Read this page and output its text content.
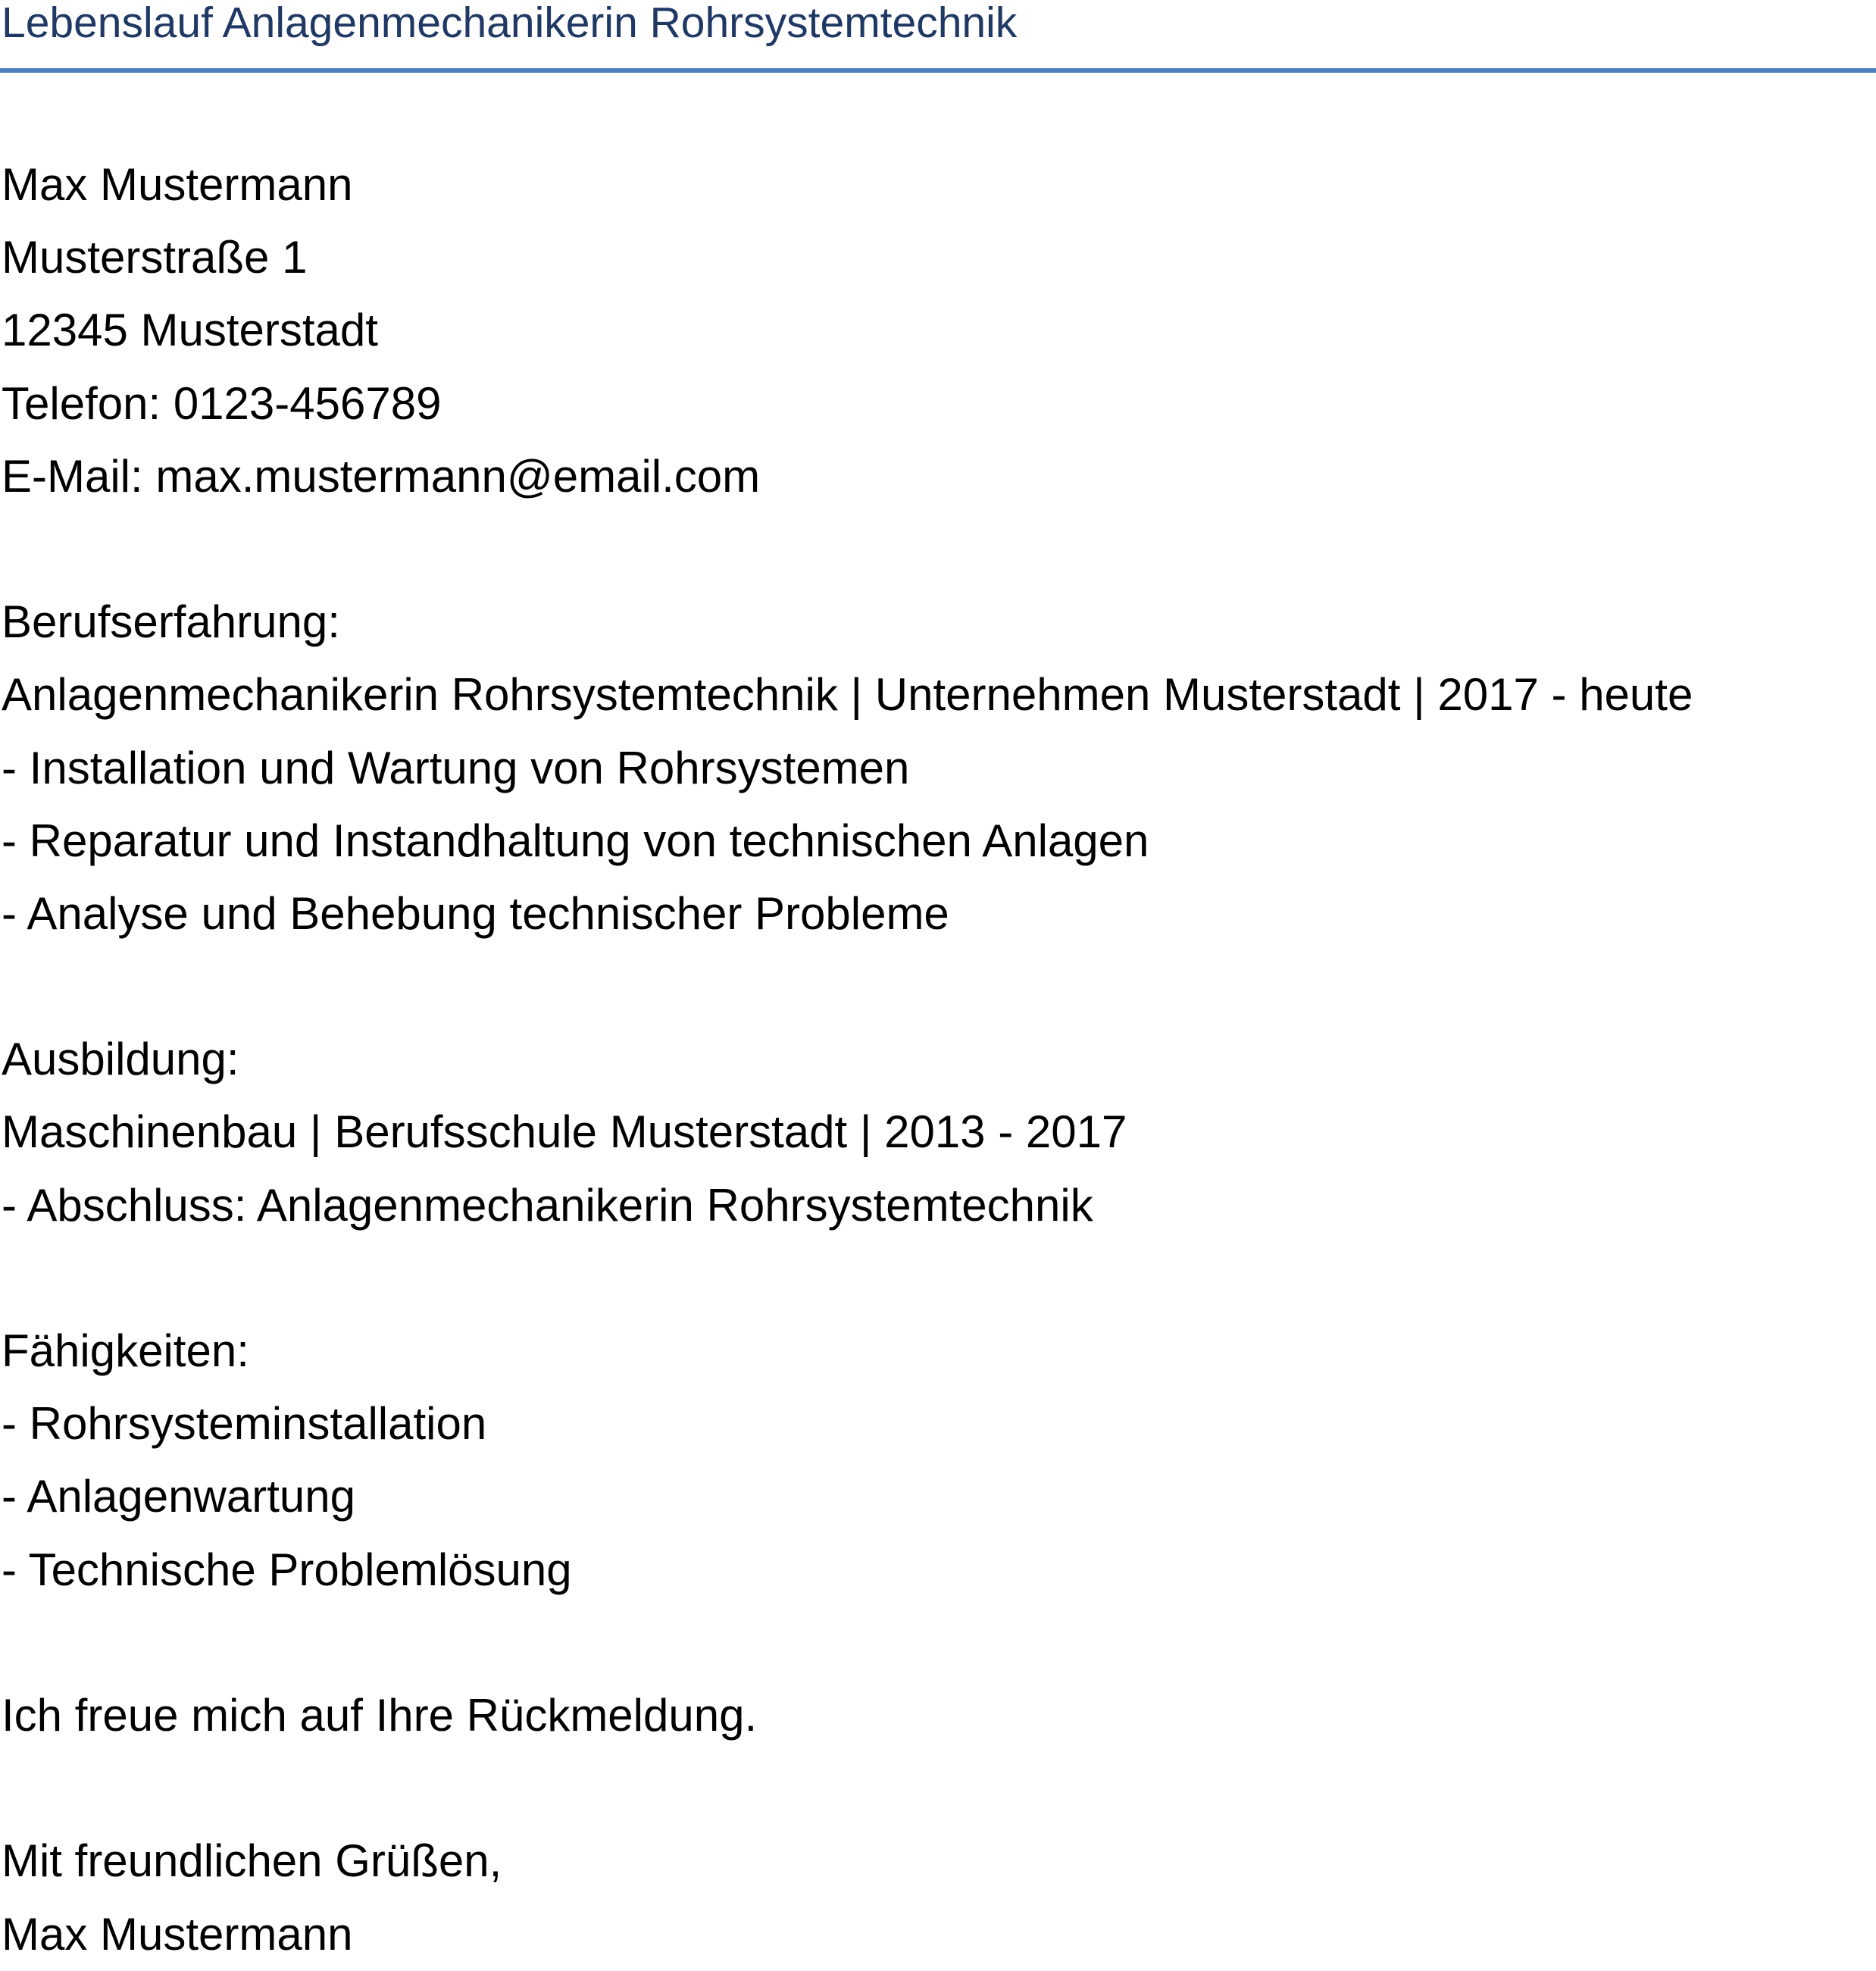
Lebenslauf Anlagenmechanikerin Rohrsystemtechnik
Max Mustermann
Musterstraße 1
12345 Musterstadt
Telefon: 0123-456789
E-Mail: max.mustermann@email.com
Berufserfahrung:
Anlagenmechanikerin Rohrsystemtechnik | Unternehmen Musterstadt | 2017 - heute
- Installation und Wartung von Rohrsystemen
- Reparatur und Instandhaltung von technischen Anlagen
- Analyse und Behebung technischer Probleme
Ausbildung:
Maschinenbau | Berufsschule Musterstadt | 2013 - 2017
- Abschluss: Anlagenmechanikerin Rohrsystemtechnik
Fähigkeiten:
- Rohrsysteminstallation
- Anlagenwartung
- Technische Problemlösung
Ich freue mich auf Ihre Rückmeldung.
Mit freundlichen Grüßen,
Max Mustermann
